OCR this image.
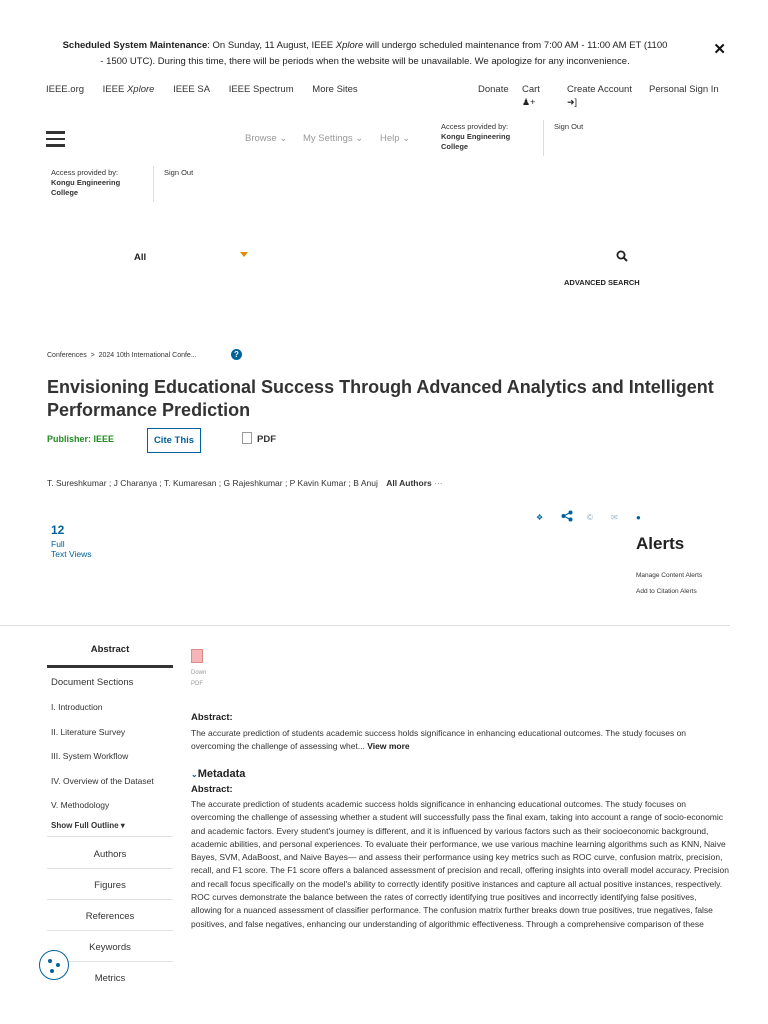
Scheduled System Maintenance: On Sunday, 11 August, IEEE Xplore will undergo scheduled maintenance from 7:00 AM - 11:00 AM ET (1100
- 1500 UTC). During this time, there will be periods when the website will be unavailable. We apologize for any inconvenience.
✕
IEEE.org IEEE Xplore IEEE SA IEEE Spectrum More Sites	Donate Cart
♟+
Create Account
➜]
Personal Sign In
Browse ⌄ My Settings ⌄ Help ⌄
Access provided by:
Kongu Engineering College
Sign Out
Access provided by:
Kongu Engineering College
Sign Out
All
ADVANCED SEARCH
Conferences > 2024 10th International Confe...	?
Envisioning Educational Success Through Advanced Analytics and Intelligent Performance Prediction
Publisher: IEEE	Cite This	PDF
T. Sureshkumar ; J Charanya ; T. Kumaresan ; G Rajeshkumar ; P Kavin Kumar ; B Anuj All Authors ⋯
12
Full
Text Views
❖	© ✉ ●
Alerts
Manage Content Alerts
Add to Citation Alerts
Abstract
Document Sections
I. Introduction
II. Literature Survey
III. System Workflow
IV. Overview of the Dataset
V. Methodology
Show Full Outline ▾
Authors
Figures
References
Keywords
Metrics
Down
PDF
Abstract:
The accurate prediction of students academic success holds significance in enhancing educational outcomes. The study focuses on overcoming the challenge of assessing whet... View more
⌄Metadata
Abstract:
The accurate prediction of students academic success holds significance in enhancing educational outcomes. The study focuses on overcoming the challenge of assessing whether a student will successfully pass the final exam, taking into account a range of socio-economic and academic factors. Every student's journey is different, and it is influenced by various factors such as their socioeconomic background, academic abilities, and personal experiences. To evaluate their performance, we use various machine learning algorithms such as KNN, Naive Bayes, SVM, AdaBoost, and Naive Bayes— and assess their performance using key metrics such as ROC curve, confusion matrix, precision, recall, and F1 score. The F1 score offers a balanced assessment of precision and recall, offering insights into overall model accuracy. Precision and recall focus specifically on the model's ability to correctly identify positive instances and capture all actual positive instances, respectively. ROC curves demonstrate the balance between the rates of correctly identifying true positives and incorrectly identifying false positives, allowing for a nuanced assessment of classifier performance. The confusion matrix further breaks down true positives, true negatives, false positives, and false negatives, enhancing our understanding of algorithmic effectiveness. Through a comprehensive comparison of these
